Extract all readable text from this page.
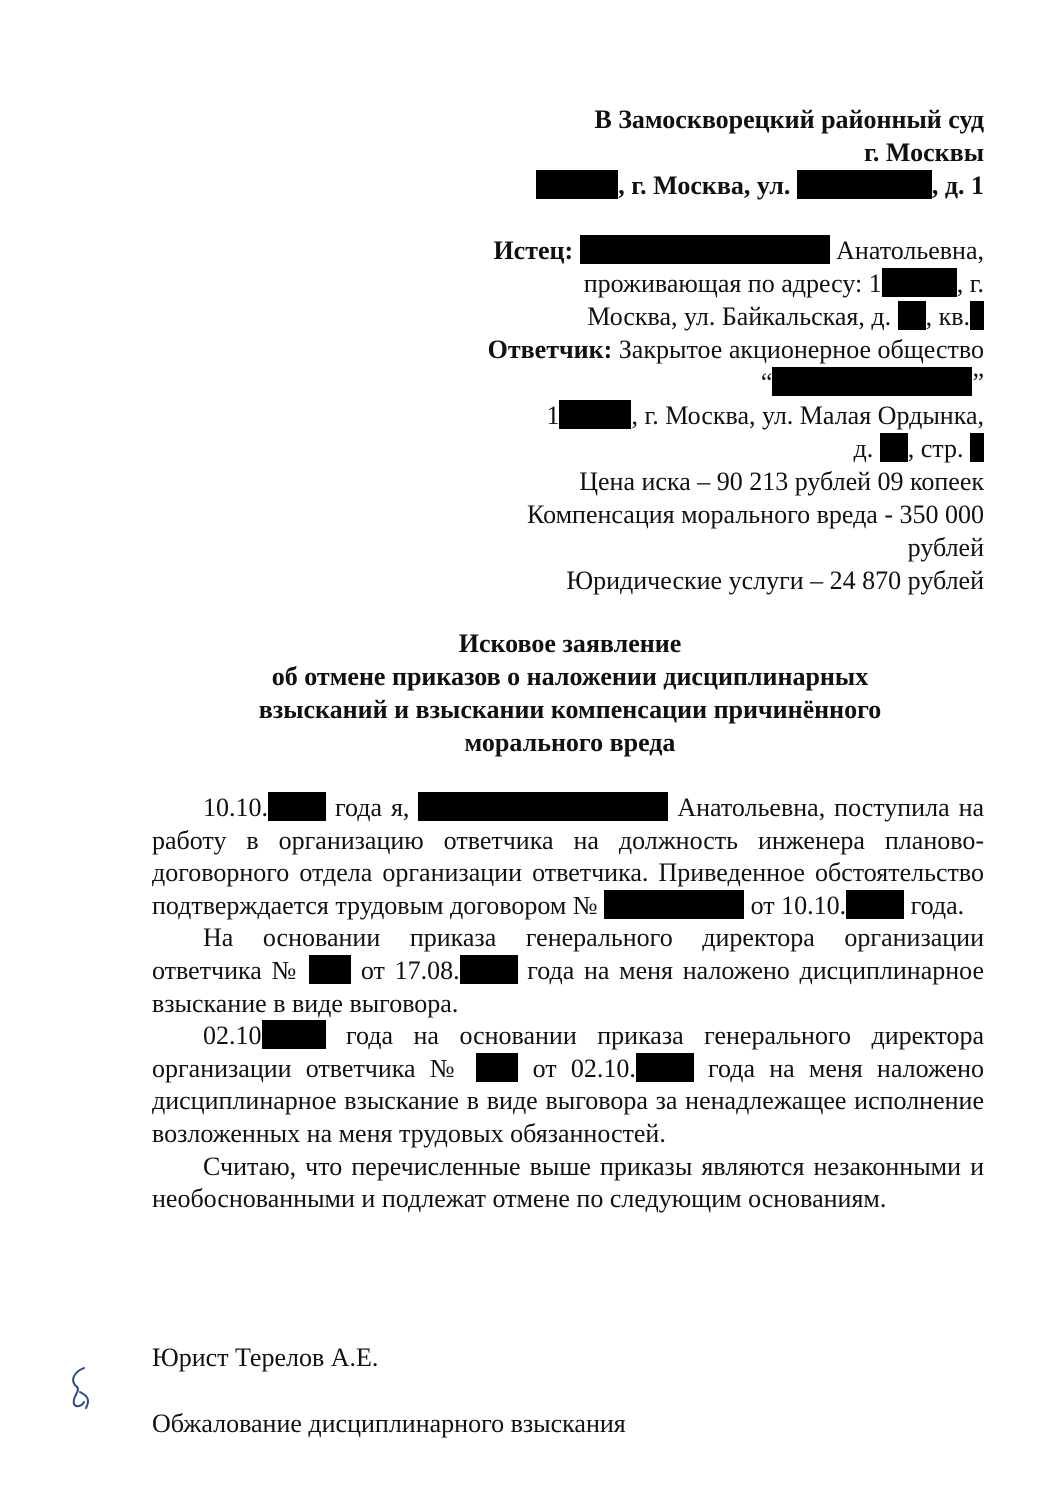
В Замоскворецкий районный суд
г. Москвы
, г. Москва, ул.	, д. 1
Истец:	Анатольевна,
проживающая по адресу: 1	, г.
Москва, ул. Байкальская, д. , кв.
Ответчик: Закрытое акционерное общество
“	”
1	, г. Москва, ул. Малая Ордынка,
д. , стр.
Цена иска – 90 213 рублей 09 копеек
Компенсация морального вреда - 350 000
рублей
Юридические услуги – 24 870 рублей
Исковое заявление
об отмене приказов о наложении дисциплинарных
взысканий и взыскании компенсации причинённого
морального вреда

10.10.	года я,	Анатольевна, поступила на работу в организацию ответчика на должность инженера планово-договорного отдела организации ответчика. Приведенное обстоятельство подтверждается трудовым договором №	от 10.10. года.

На основании приказа генерального директора организации ответчика № от 17.08.	года на меня наложено дисциплинарное взыскание в виде выговора.

02.10	года на основании приказа генерального директора организации ответчика №	от 02.10.	года на меня наложено дисциплинарное взыскание в виде выговора за ненадлежащее исполнение возложенных на меня трудовых обязанностей.

Считаю, что перечисленные выше приказы являются незаконными и необоснованными и подлежат отмене по следующим основаниям.

Юрист Терелов А.Е.
Обжалование дисциплинарного взыскания
